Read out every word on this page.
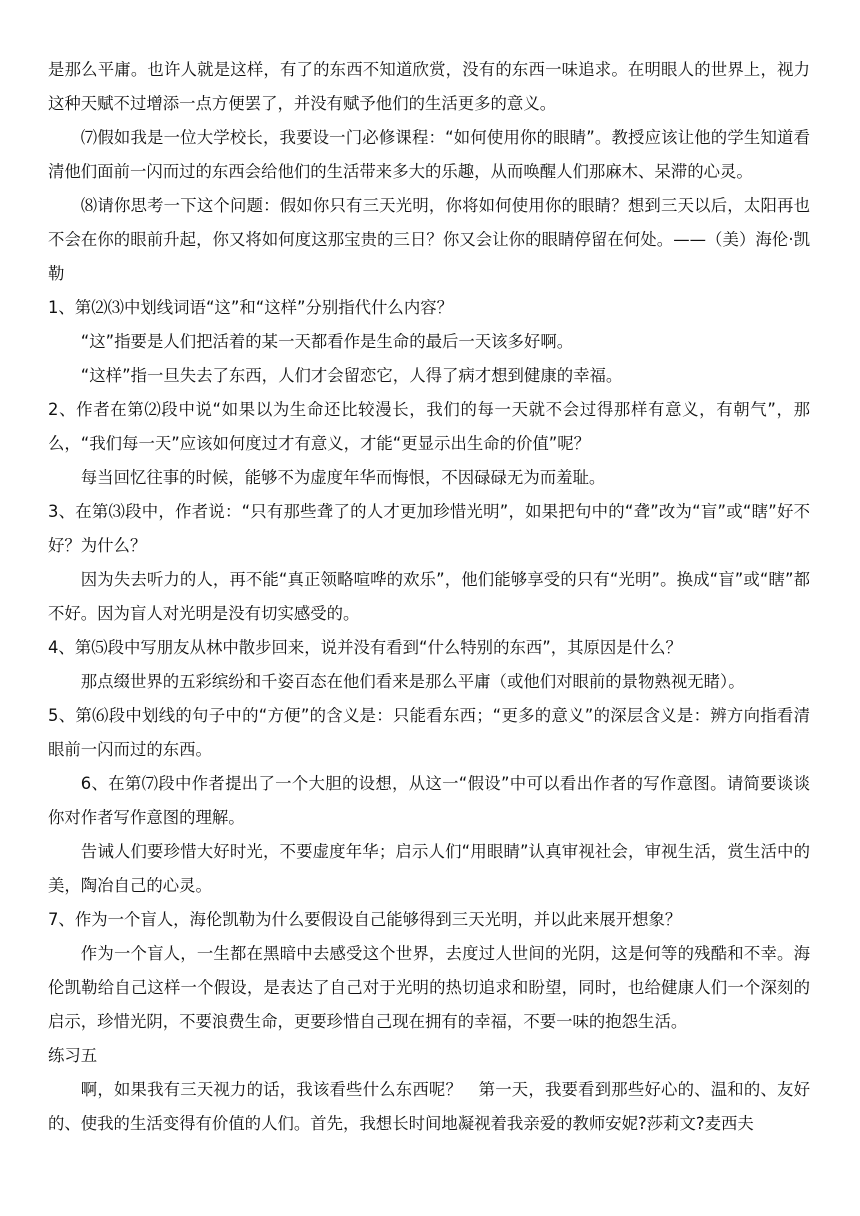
是那么平庸。也许人就是这样，有了的东西不知道欣赏，没有的东西一味追求。在明眼人的世界上，视力这种天赋不过增添一点方便罢了，并没有赋予他们的生活更多的意义。

⑺假如我是一位大学校长，我要设一门必修课程：“如何使用你的眼睛”。教授应该让他的学生知道看清他们面前一闪而过的东西会给他们的生活带来多大的乐趣，从而唤醒人们那麻木、呆滞的心灵。

⑻请你思考一下这个问题：假如你只有三天光明，你将如何使用你的眼睛？想到三天以后，太阳再也不会在你的眼前升起，你又将如何度这那宝贵的三日？你又会让你的眼睛停留在何处。——（美）海伦·凯勒

1、第⑵⑶中划线词语“这”和“这样”分别指代什么内容？

“这”指要是人们把活着的某一天都看作是生命的最后一天该多好啊。

“这样”指一旦失去了东西，人们才会留恋它，人得了病才想到健康的幸福。

2、作者在第⑵段中说“如果以为生命还比较漫长，我们的每一天就不会过得那样有意义，有朝气”，那么，“我们每一天”应该如何度过才有意义，才能“更显示出生命的价值”呢？

每当回忆往事的时候，能够不为虚度年华而悔恨，不因碌碌无为而羞耻。

3、在第⑶段中，作者说：“只有那些聋了的人才更加珍惜光明”，如果把句中的“聋”改为“盲”或“瞎”好不好？为什么？

因为失去听力的人，再不能“真正领略喧哗的欢乐”，他们能够享受的只有“光明”。换成“盲”或“瞎”都不好。因为盲人对光明是没有切实感受的。

4、第⑸段中写朋友从林中散步回来，说并没有看到“什么特别的东西”，其原因是什么？

那点缀世界的五彩缤纷和千姿百态在他们看来是那么平庸（或他们对眼前的景物熟视无睹）。

5、第⑹段中划线的句子中的“方便”的含义是：只能看东西；“更多的意义”的深层含义是：辨方向指看清眼前一闪而过的东西。

6、在第⑺段中作者提出了一个大胆的设想，从这一“假设”中可以看出作者的写作意图。请简要谈谈你对作者写作意图的理解。

告诫人们要珍惜大好时光，不要虚度年华；启示人们“用眼睛”认真审视社会，审视生活，赏生活中的美，陶冶自己的心灵。

7、作为一个盲人，海伦凯勒为什么要假设自己能够得到三天光明，并以此来展开想象？

作为一个盲人，一生都在黑暗中去感受这个世界，去度过人世间的光阴，这是何等的残酷和不幸。海伦凯勒给自己这样一个假设，是表达了自己对于光明的热切追求和盼望，同时，也给健康人们一个深刻的启示，珍惜光阴，不要浪费生命，更要珍惜自己现在拥有的幸福，不要一味的抱怨生活。

练习五

啊，如果我有三天视力的话，我该看些什么东西呢？　第一天，我要看到那些好心的、温和的、友好的、使我的生活变得有价值的人们。首先，我想长时间地凝视着我亲爱的教师安妮?莎莉文?麦西夫
